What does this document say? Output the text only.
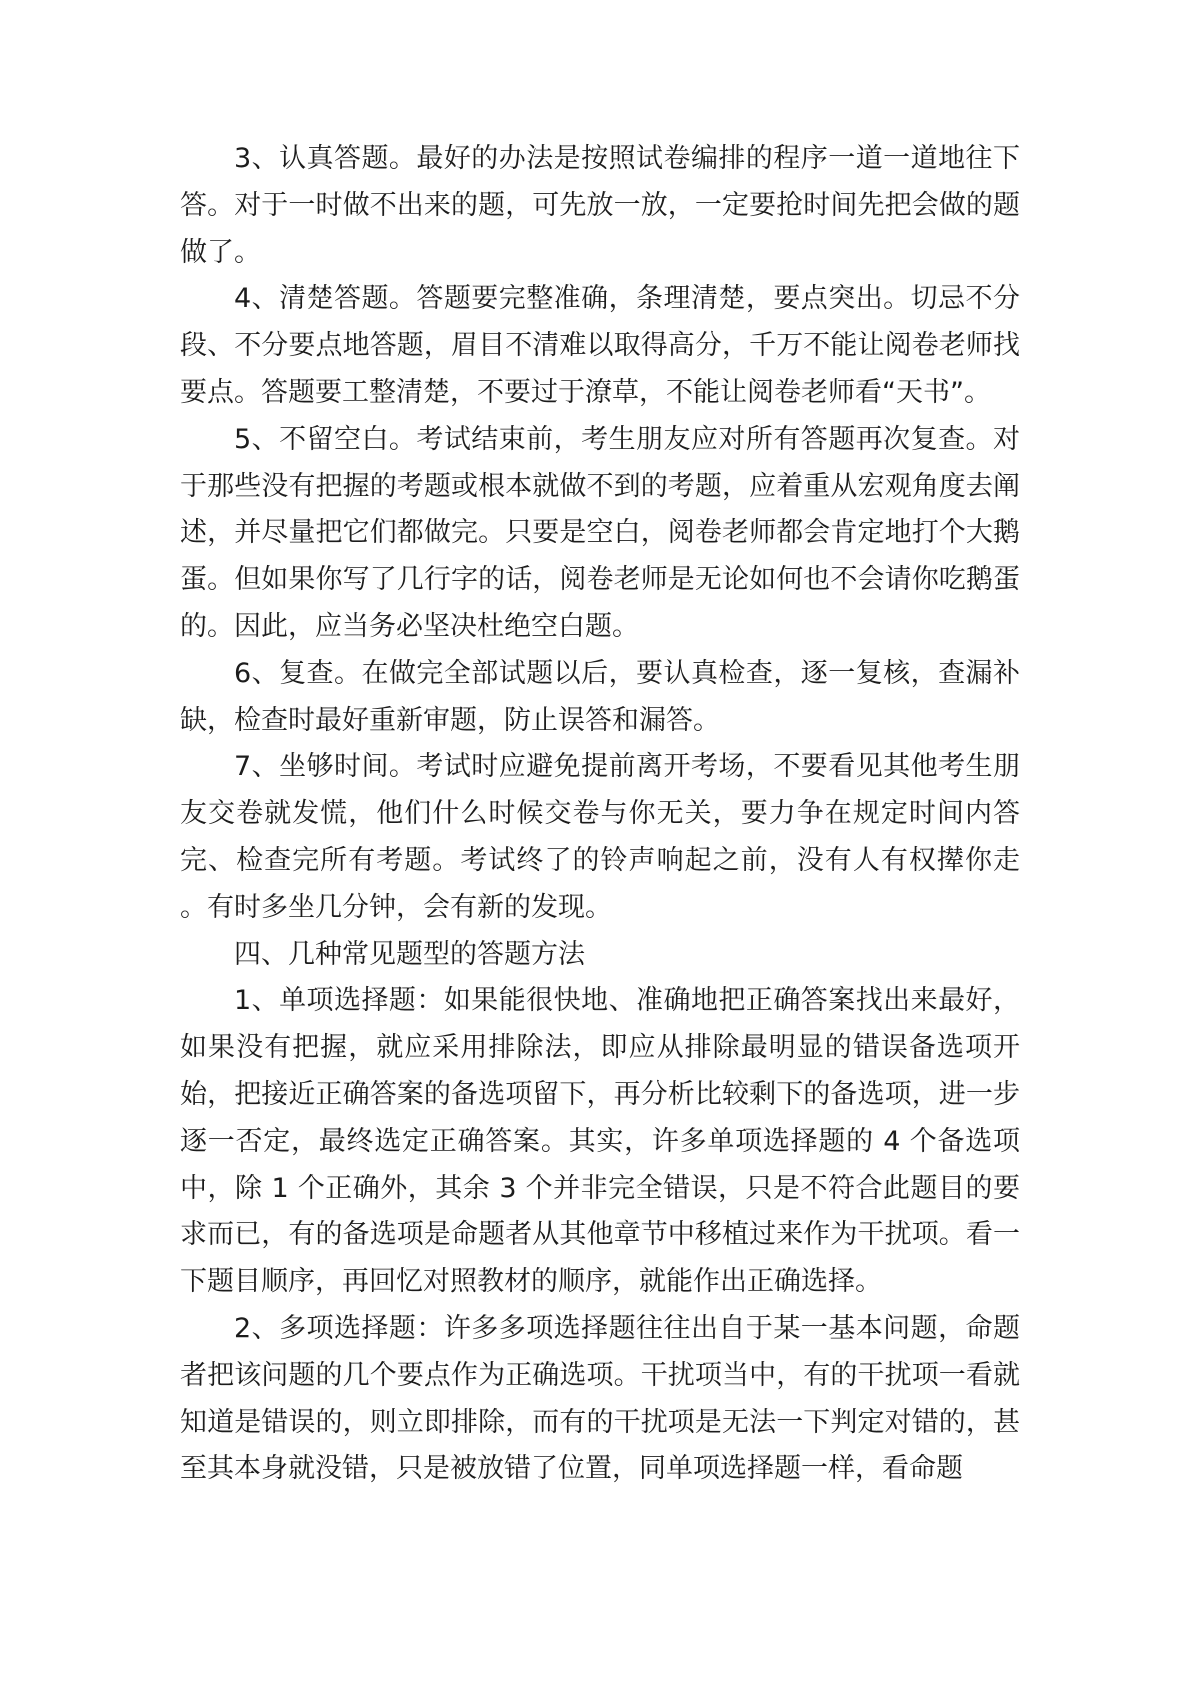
3、认真答题。最好的办法是按照试卷编排的程序一道一道地往下答。对于一时做不出来的题，可先放一放，一定要抢时间先把会做的题做了。

4、清楚答题。答题要完整准确，条理清楚，要点突出。切忌不分段、不分要点地答题，眉目不清难以取得高分，千万不能让阅卷老师找要点。答题要工整清楚，不要过于潦草，不能让阅卷老师看“天书”。

5、不留空白。考试结束前，考生朋友应对所有答题再次复查。对于那些没有把握的考题或根本就做不到的考题，应着重从宏观角度去阐述，并尽量把它们都做完。只要是空白，阅卷老师都会肯定地打个大鹅蛋。但如果你写了几行字的话，阅卷老师是无论如何也不会请你吃鹅蛋的。因此，应当务必坚决杜绝空白题。

6、复查。在做完全部试题以后，要认真检查，逐一复核，查漏补缺，检查时最好重新审题，防止误答和漏答。

7、坐够时间。考试时应避免提前离开考场，不要看见其他考生朋友交卷就发慌，他们什么时候交卷与你无关，要力争在规定时间内答完、检查完所有考题。考试终了的铃声响起之前，没有人有权撵你走 。有时多坐几分钟，会有新的发现。

四、几种常见题型的答题方法

1、单项选择题：如果能很快地、准确地把正确答案找出来最好，如果没有把握，就应采用排除法，即应从排除最明显的错误备选项开始，把接近正确答案的备选项留下，再分析比较剩下的备选项，进一步逐一否定，最终选定正确答案。其实，许多单项选择题的 4 个备选项中，除 1 个正确外，其余 3 个并非完全错误，只是不符合此题目的要求而已，有的备选项是命题者从其他章节中移植过来作为干扰项。看一下题目顺序，再回忆对照教材的顺序，就能作出正确选择。

2、多项选择题：许多多项选择题往往出自于某一基本问题，命题者把该问题的几个要点作为正确选项。干扰项当中，有的干扰项一看就知道是错误的，则立即排除，而有的干扰项是无法一下判定对错的，甚至其本身就没错，只是被放错了位置，同单项选择题一样，看命题
